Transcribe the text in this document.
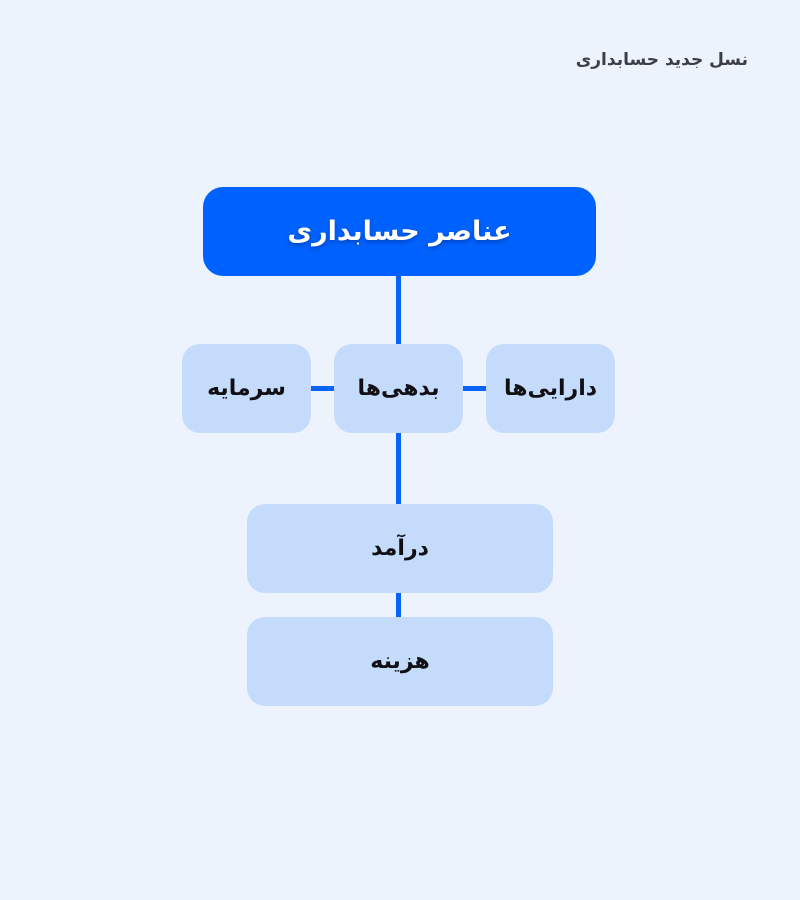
نسل جدید حسابداری
عناصر حسابداری
دارایی‌ها
بدهی‌ها
سرمایه
درآمد
هزینه
